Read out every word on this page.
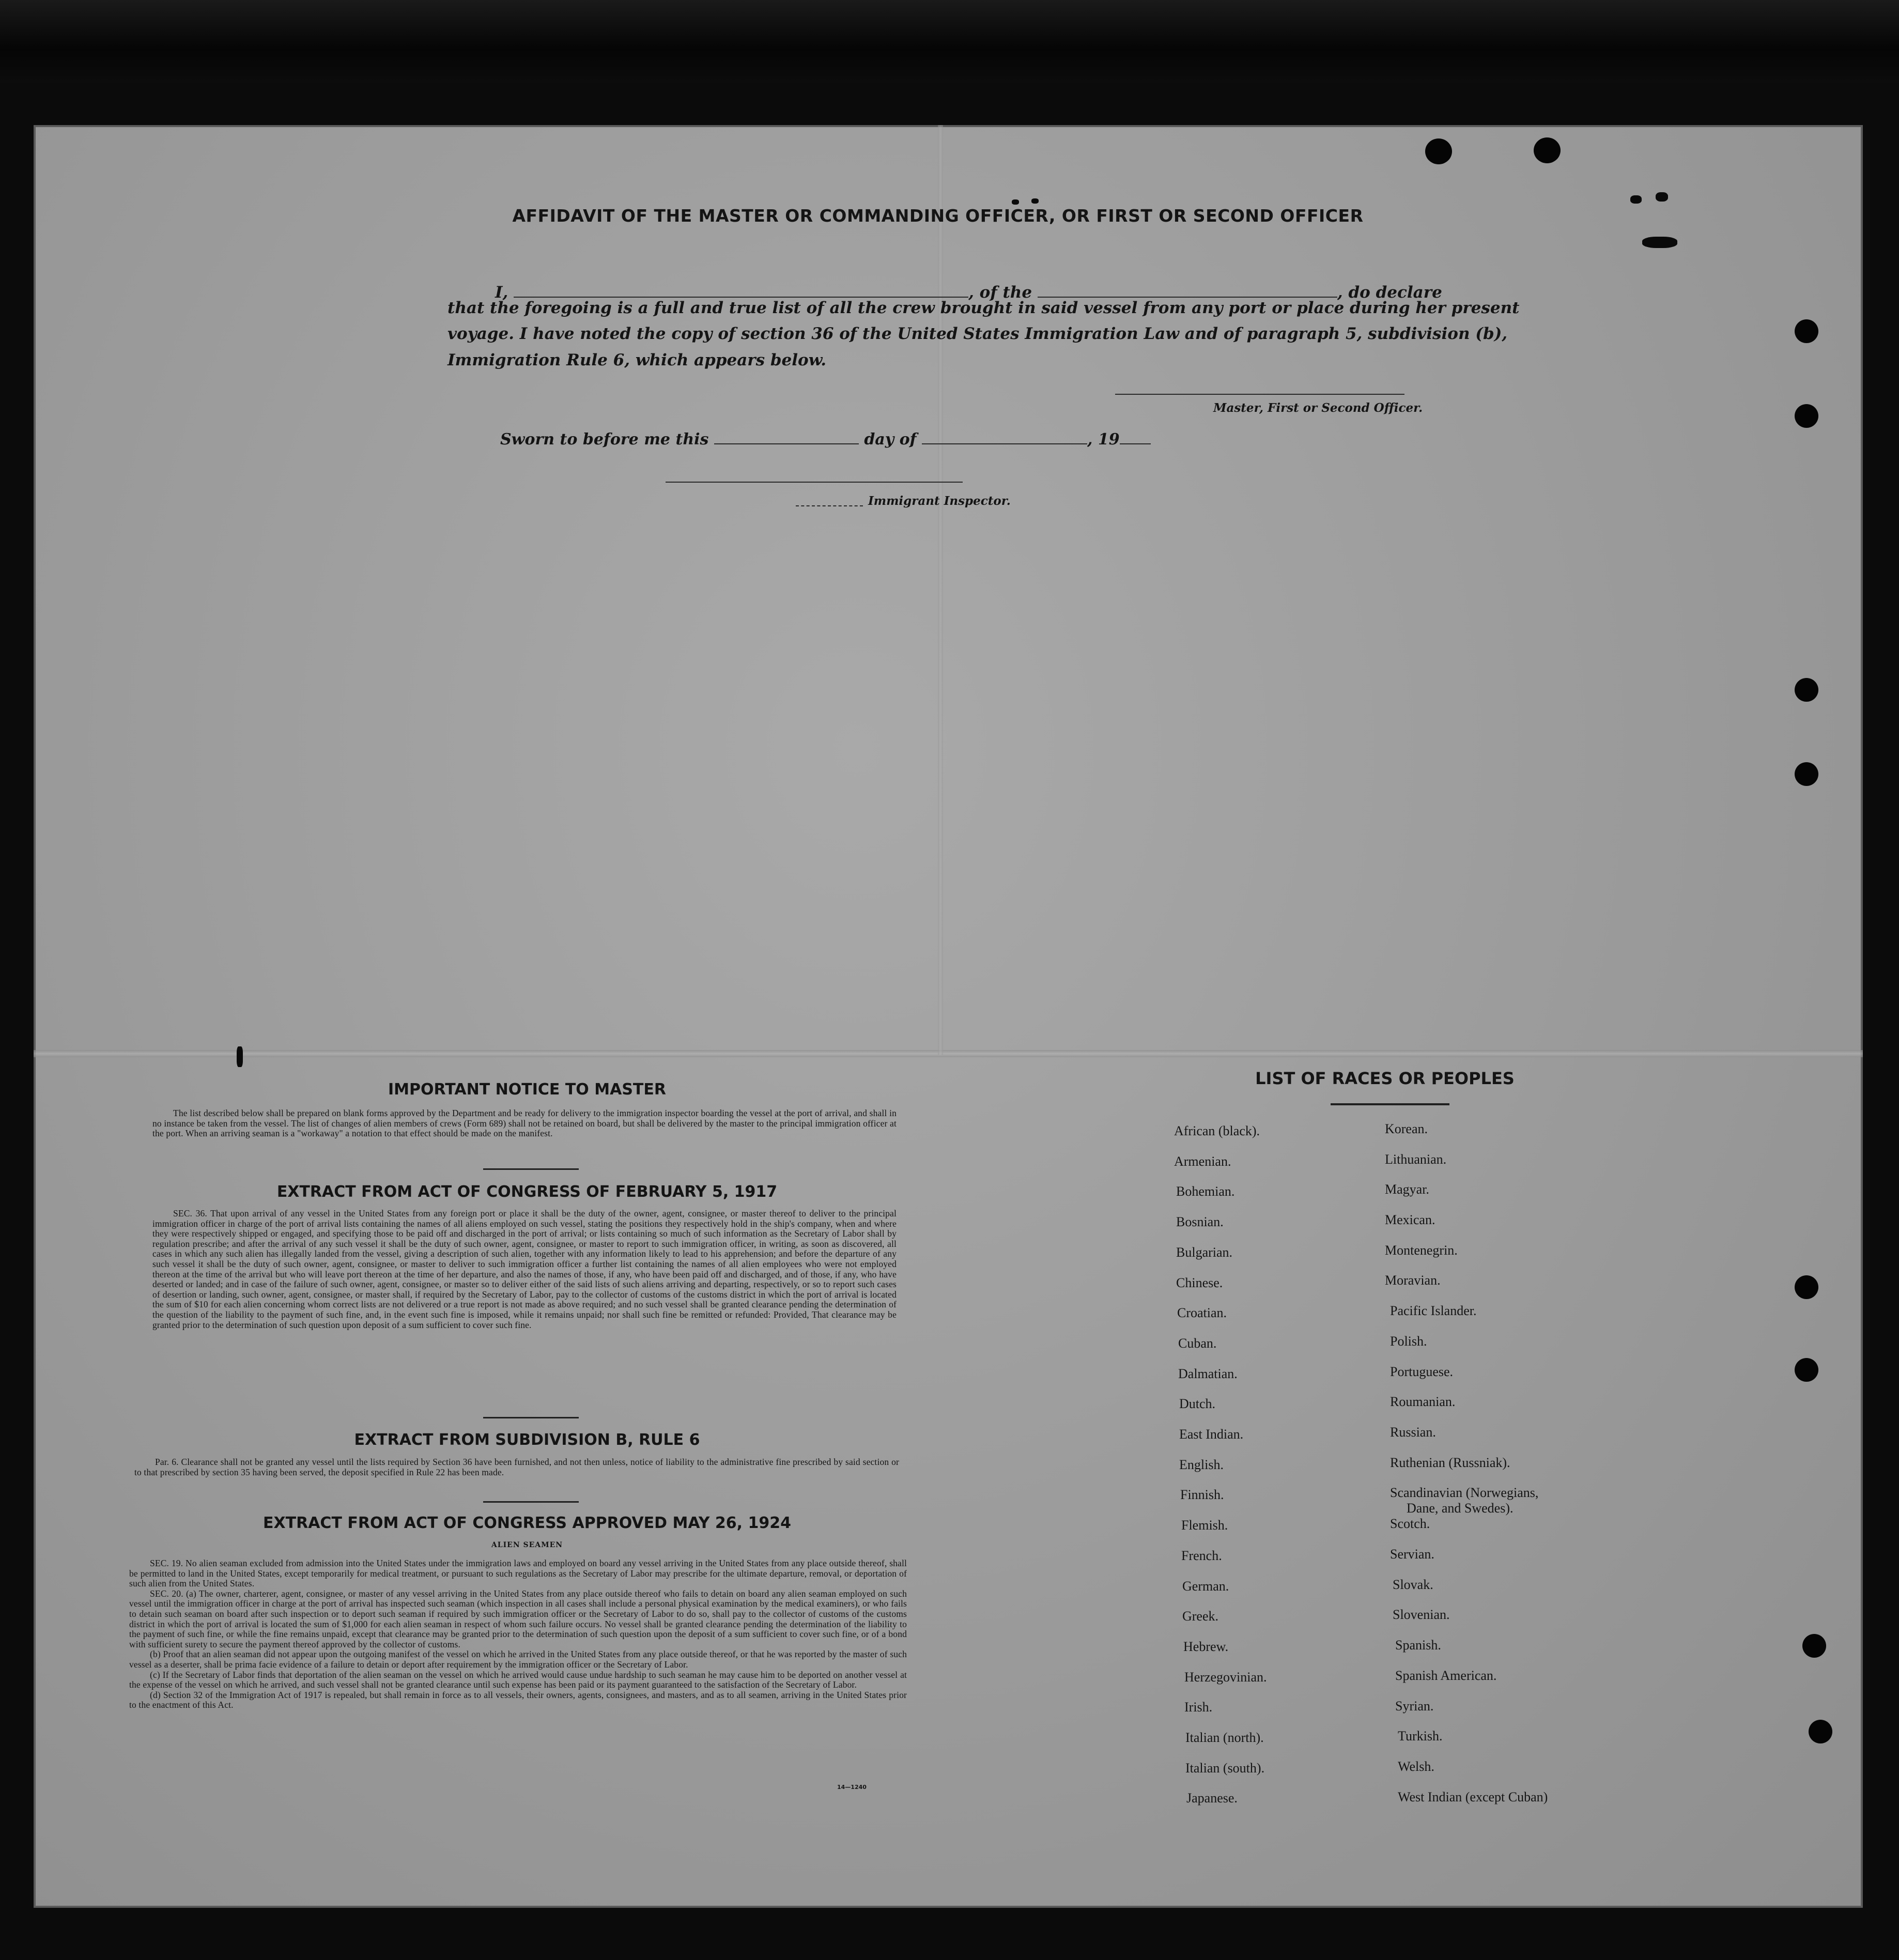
AFFIDAVIT OF THE MASTER OR COMMANDING OFFICER, OR FIRST OR SECOND OFFICER
I,	, of the	, do declare
that the foregoing is a full and true list of all the crew brought in said vessel from any port or place during her present
voyage. I have noted the copy of section 36 of the United States Immigration Law and of paragraph 5, subdivision (b),
Immigration Rule 6, which appears below.
Master, First or Second Officer.
Sworn to before me this	day of	, 19
Immigrant Inspector.
IMPORTANT NOTICE TO MASTER

The list described below shall be prepared on blank forms approved by the Department and be ready for delivery to the immigration inspector boarding the vessel at the port of arrival, and shall in no instance be taken from the vessel. The list of changes of alien members of crews (Form 689) shall not be retained on board, but shall be delivered by the master to the principal immigration officer at the port. When an arriving seaman is a "workaway" a notation to that effect should be made on the manifest.

EXTRACT FROM ACT OF CONGRESS OF FEBRUARY 5, 1917

SEC. 36. That upon arrival of any vessel in the United States from any foreign port or place it shall be the duty of the owner, agent, consignee, or master thereof to deliver to the principal immigration officer in charge of the port of arrival lists containing the names of all aliens employed on such vessel, stating the positions they respectively hold in the ship's company, when and where they were respectively shipped or engaged, and specifying those to be paid off and discharged in the port of arrival; or lists containing so much of such information as the Secretary of Labor shall by regulation prescribe; and after the arrival of any such vessel it shall be the duty of such owner, agent, consignee, or master to report to such immigration officer, in writing, as soon as discovered, all cases in which any such alien has illegally landed from the vessel, giving a description of such alien, together with any information likely to lead to his apprehension; and before the departure of any such vessel it shall be the duty of such owner, agent, consignee, or master to deliver to such immigration officer a further list containing the names of all alien employees who were not employed thereon at the time of the arrival but who will leave port thereon at the time of her departure, and also the names of those, if any, who have been paid off and discharged, and of those, if any, who have deserted or landed; and in case of the failure of such owner, agent, consignee, or master so to deliver either of the said lists of such aliens arriving and departing, respectively, or so to report such cases of desertion or landing, such owner, agent, consignee, or master shall, if required by the Secretary of Labor, pay to the collector of customs of the customs district in which the port of arrival is located the sum of $10 for each alien concerning whom correct lists are not delivered or a true report is not made as above required; and no such vessel shall be granted clearance pending the determination of the question of the liability to the payment of such fine, and, in the event such fine is imposed, while it remains unpaid; nor shall such fine be remitted or refunded: Provided, That clearance may be granted prior to the determination of such question upon deposit of a sum sufficient to cover such fine.

EXTRACT FROM SUBDIVISION B, RULE 6

Par. 6. Clearance shall not be granted any vessel until the lists required by Section 36 have been furnished, and not then unless, notice of liability to the administrative fine prescribed by said section or to that prescribed by section 35 having been served, the deposit specified in Rule 22 has been made.

EXTRACT FROM ACT OF CONGRESS APPROVED MAY 26, 1924
ALIEN SEAMEN

SEC. 19. No alien seaman excluded from admission into the United States under the immigration laws and employed on board any vessel arriving in the United States from any place outside thereof, shall be permitted to land in the United States, except temporarily for medical treatment, or pursuant to such regulations as the Secretary of Labor may prescribe for the ultimate departure, removal, or deportation of such alien from the United States.

SEC. 20. (a) The owner, charterer, agent, consignee, or master of any vessel arriving in the United States from any place outside thereof who fails to detain on board any alien seaman employed on such vessel until the immigration officer in charge at the port of arrival has inspected such seaman (which inspection in all cases shall include a personal physical examination by the medical examiners), or who fails to detain such seaman on board after such inspection or to deport such seaman if required by such immigration officer or the Secretary of Labor to do so, shall pay to the collector of customs of the customs district in which the port of arrival is located the sum of $1,000 for each alien seaman in respect of whom such failure occurs. No vessel shall be granted clearance pending the determination of the liability to the payment of such fine, or while the fine remains unpaid, except that clearance may be granted prior to the determination of such question upon the deposit of a sum sufficient to cover such fine, or of a bond with sufficient surety to secure the payment thereof approved by the collector of customs.

(b) Proof that an alien seaman did not appear upon the outgoing manifest of the vessel on which he arrived in the United States from any place outside thereof, or that he was reported by the master of such vessel as a deserter, shall be prima facie evidence of a failure to detain or deport after requirement by the immigration officer or the Secretary of Labor.

(c) If the Secretary of Labor finds that deportation of the alien seaman on the vessel on which he arrived would cause undue hardship to such seaman he may cause him to be deported on another vessel at the expense of the vessel on which he arrived, and such vessel shall not be granted clearance until such expense has been paid or its payment guaranteed to the satisfaction of the Secretary of Labor.

(d) Section 32 of the Immigration Act of 1917 is repealed, but shall remain in force as to all vessels, their owners, agents, consignees, and masters, and as to all seamen, arriving in the United States prior to the enactment of this Act.

14—1240
LIST OF RACES OR PEOPLES
African (black).
Armenian.
Bohemian.
Bosnian.
Bulgarian.
Chinese.
Croatian.
Cuban.
Dalmatian.
Dutch.
East Indian.
English.
Finnish.
Flemish.
French.
German.
Greek.
Hebrew.
Herzegovinian.
Irish.
Italian (north).
Italian (south).
Japanese.
Korean.
Lithuanian.
Magyar.
Mexican.
Montenegrin.
Moravian.
Pacific Islander.
Polish.
Portuguese.
Roumanian.
Russian.
Ruthenian (Russniak).
Scandinavian (Norwegians,
Dane, and Swedes).
Scotch.
Servian.
Slovak.
Slovenian.
Spanish.
Spanish American.
Syrian.
Turkish.
Welsh.
West Indian (except Cuban)
